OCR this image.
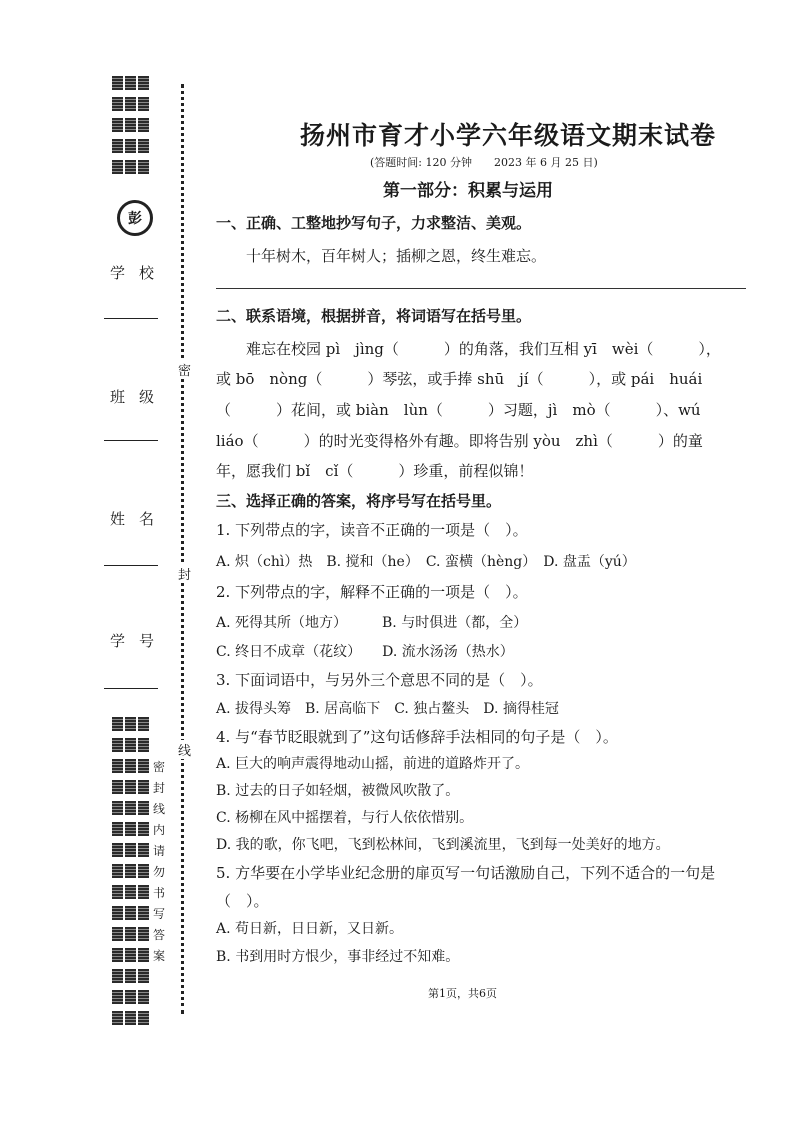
彭
学校
班级
姓名
学号
密
封
线
密
封
线
内
请
勿
书
写
答
案
扬州市育才小学六年级语文期末试卷
(答题时间: 120 分钟　　2023 年 6 月 25 日)
第一部分：积累与运用
一、正确、工整地抄写句子，力求整洁、美观。
十年树木，百年树人；插柳之恩，终生难忘。
二、联系语境，根据拼音，将词语写在括号里。
难忘在校园 pì　jìng（　　　）的角落，我们互相 yī　wèi（　　　），
或 bō　nòng（　　　）琴弦，或手捧 shū　jí（　　　），或 pái　huái
（　　　）花间，或 biàn　lùn（　　　）习题，jì　mò（　　　）、wú
liáo（　　　）的时光变得格外有趣。即将告别 yòu　zhì（　　　）的童
年，愿我们 bǐ　cǐ（　　　）珍重，前程似锦！
三、选择正确的答案，将序号写在括号里。
1. 下列带点的字，读音不正确的一项是（　）。
A. 炽（chì）热　B. 搅和（he）　C. 蛮横（hèng）　D. 盘盂（yú）
2. 下列带点的字，解释不正确的一项是（　）。
A. 死得其所（地方）　　　B. 与时俱进（都，全）
C. 终日不成章（花纹）　　D. 流水汤汤（热水）
3. 下面词语中，与另外三个意思不同的是（　）。
A. 拔得头筹　B. 居高临下　C. 独占鳌头　D. 摘得桂冠
4. 与“春节眨眼就到了”这句话修辞手法相同的句子是（　）。
A. 巨大的响声震得地动山摇，前进的道路炸开了。
B. 过去的日子如轻烟，被微风吹散了。
C. 杨柳在风中摇摆着，与行人依依惜别。
D. 我的歌，你飞吧，飞到松林间，飞到溪流里，飞到每一处美好的地方。
5. 方华要在小学毕业纪念册的扉页写一句话激励自己，下列不适合的一句是
（　）。
A. 苟日新，日日新，又日新。
B. 书到用时方恨少，事非经过不知难。
第1页，共6页
